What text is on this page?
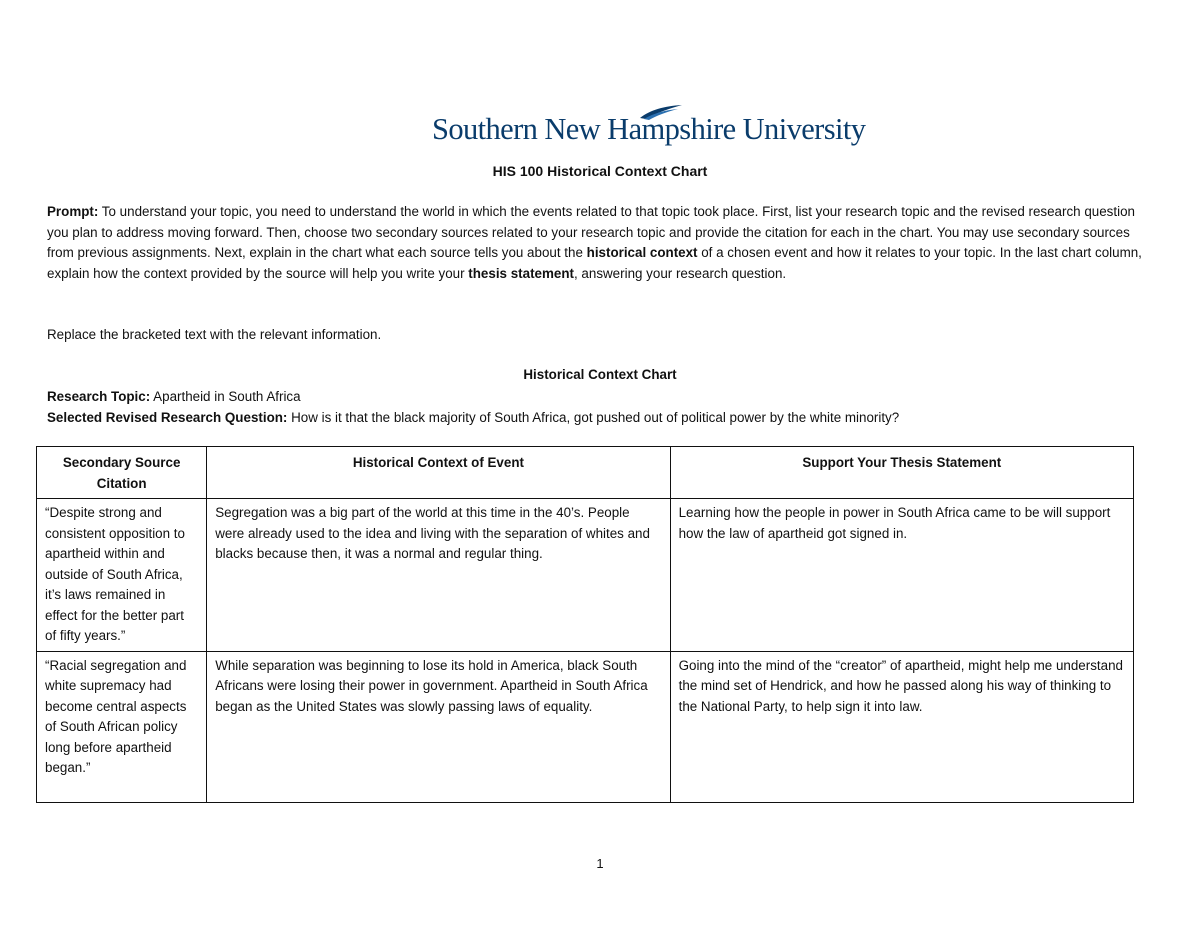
Southern New Hampshire University
HIS 100 Historical Context Chart
Prompt: To understand your topic, you need to understand the world in which the events related to that topic took place. First, list your research topic and the revised research question you plan to address moving forward. Then, choose two secondary sources related to your research topic and provide the citation for each in the chart. You may use secondary sources from previous assignments. Next, explain in the chart what each source tells you about the historical context of a chosen event and how it relates to your topic. In the last chart column, explain how the context provided by the source will help you write your thesis statement, answering your research question.
Replace the bracketed text with the relevant information.
Historical Context Chart
Research Topic: Apartheid in South Africa
Selected Revised Research Question: How is it that the black majority of South Africa, got pushed out of political power by the white minority?
Secondary Source Citation	Historical Context of Event	Support Your Thesis Statement
“Despite strong and consistent opposition to apartheid within and outside of South Africa, it’s laws remained in effect for the better part of fifty years.”	Segregation was a big part of the world at this time in the 40’s. People were already used to the idea and living with the separation of whites and blacks because then, it was a normal and regular thing.	Learning how the people in power in South Africa came to be will support how the law of apartheid got signed in.
“Racial segregation and white supremacy had become central aspects of South African policy long before apartheid began.”	While separation was beginning to lose its hold in America, black South Africans were losing their power in government. Apartheid in South Africa began as the United States was slowly passing laws of equality.	Going into the mind of the “creator” of apartheid, might help me understand the mind set of Hendrick, and how he passed along his way of thinking to the National Party, to help sign it into law.
1
